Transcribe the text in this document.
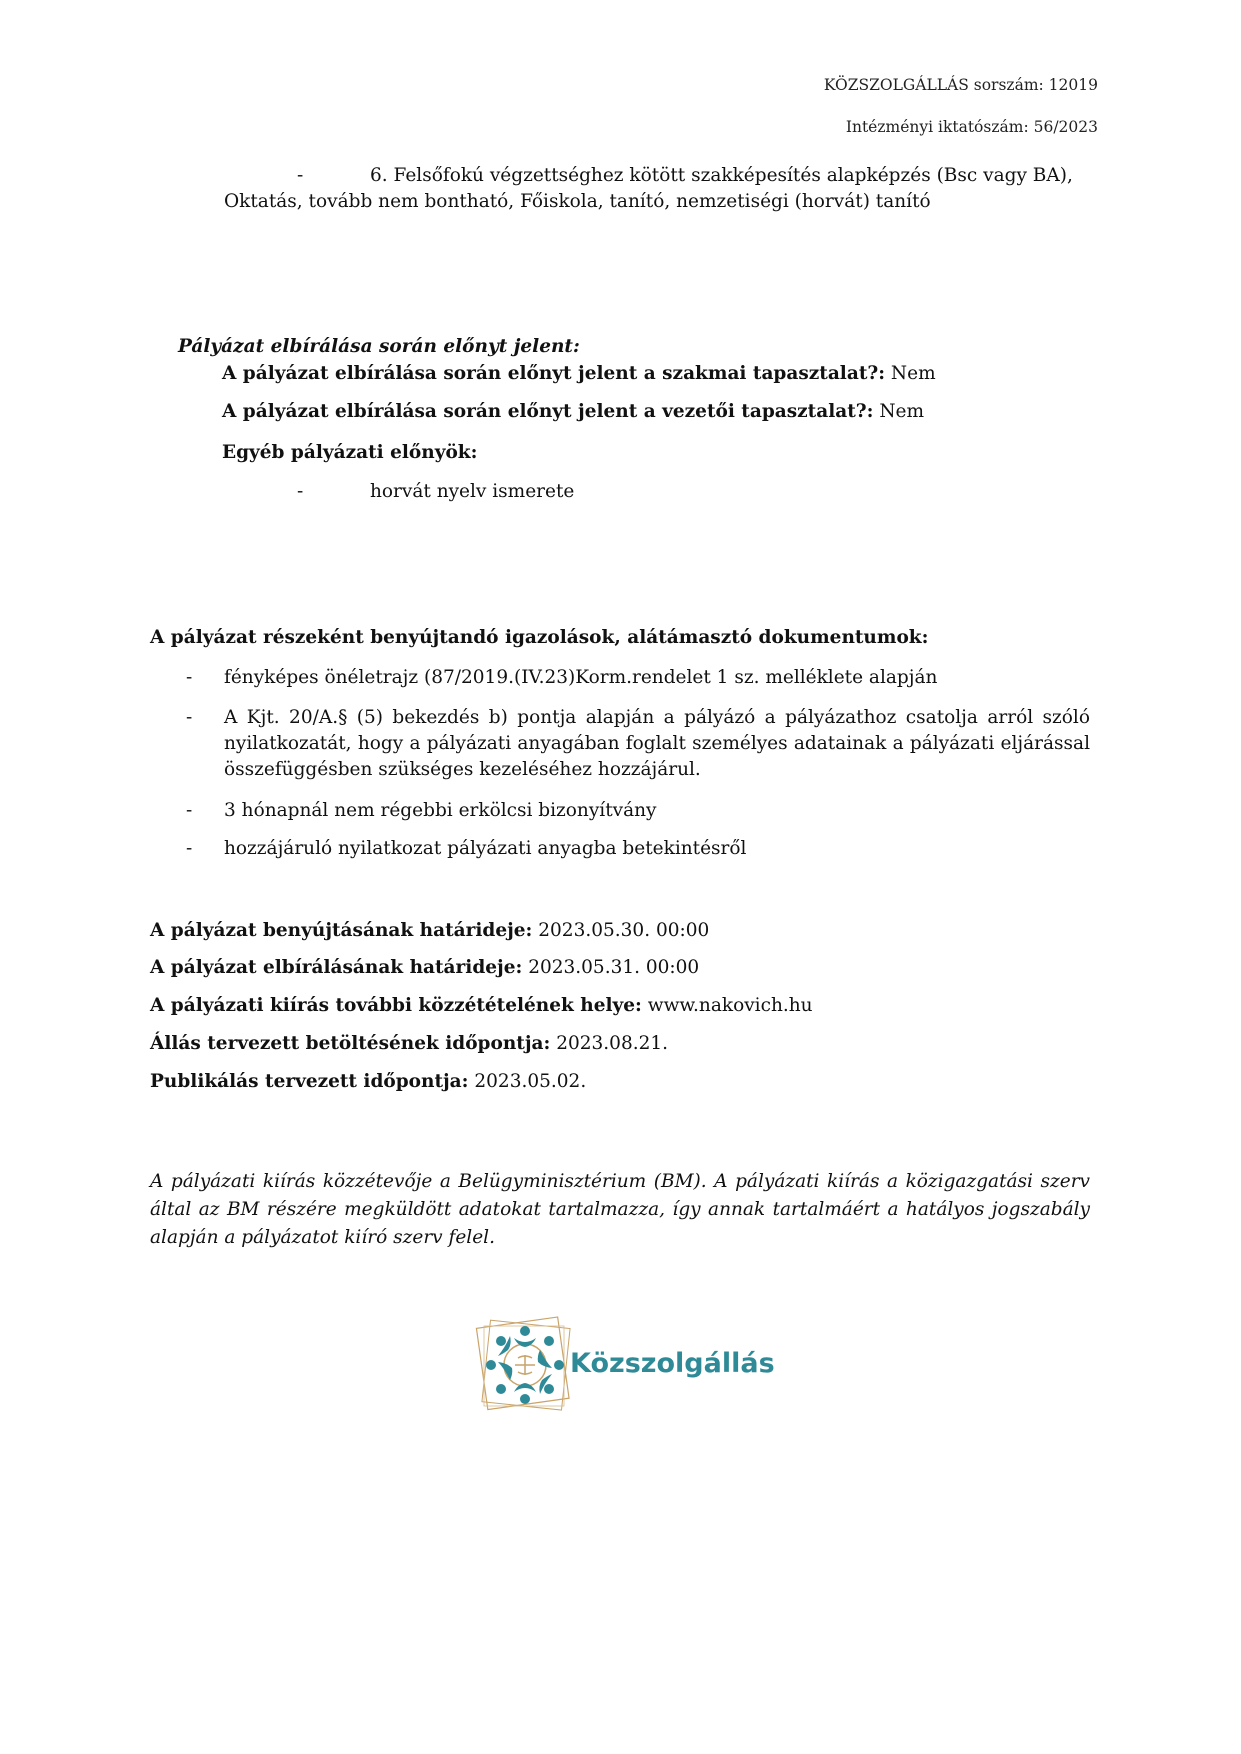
KÖZSZOLGÁLLÁS sorszám: 12019
Intézményi iktatószám: 56/2023
-	6. Felsőfokú végzettséghez kötött szakképesítés alapképzés (Bsc vagy BA),
Oktatás, tovább nem bontható, Főiskola, tanító, nemzetiségi (horvát) tanító
Pályázat elbírálása során előnyt jelent:
A pályázat elbírálása során előnyt jelent a szakmai tapasztalat?: Nem
A pályázat elbírálása során előnyt jelent a vezetői tapasztalat?: Nem
Egyéb pályázati előnyök:
-	horvát nyelv ismerete
A pályázat részeként benyújtandó igazolások, alátámasztó dokumentumok:
- fényképes önéletrajz (87/2019.(IV.23)Korm.rendelet 1 sz. melléklete alapján
- A Kjt. 20/A.§ (5) bekezdés b) pontja alapján a pályázó a pályázathoz csatolja arról szóló nyilatkozatát, hogy a pályázati anyagában foglalt személyes adatainak a pályázati eljárással összefüggésben szükséges kezeléséhez hozzájárul.
- 3 hónapnál nem régebbi erkölcsi bizonyítvány
- hozzájáruló nyilatkozat pályázati anyagba betekintésről
A pályázat benyújtásának határideje: 2023.05.30. 00:00
A pályázat elbírálásának határideje: 2023.05.31. 00:00
A pályázati kiírás további közzétételének helye: www.nakovich.hu
Állás tervezett betöltésének időpontja: 2023.08.21.
Publikálás tervezett időpontja: 2023.05.02.
A pályázati kiírás közzétevője a Belügyminisztérium (BM). A pályázati kiírás a közigazgatási szerv által az BM részére megküldött adatokat tartalmazza, így annak tartalmáért a hatályos jogszabály alapján a pályázatot kiíró szerv felel.
Közszolgállás
